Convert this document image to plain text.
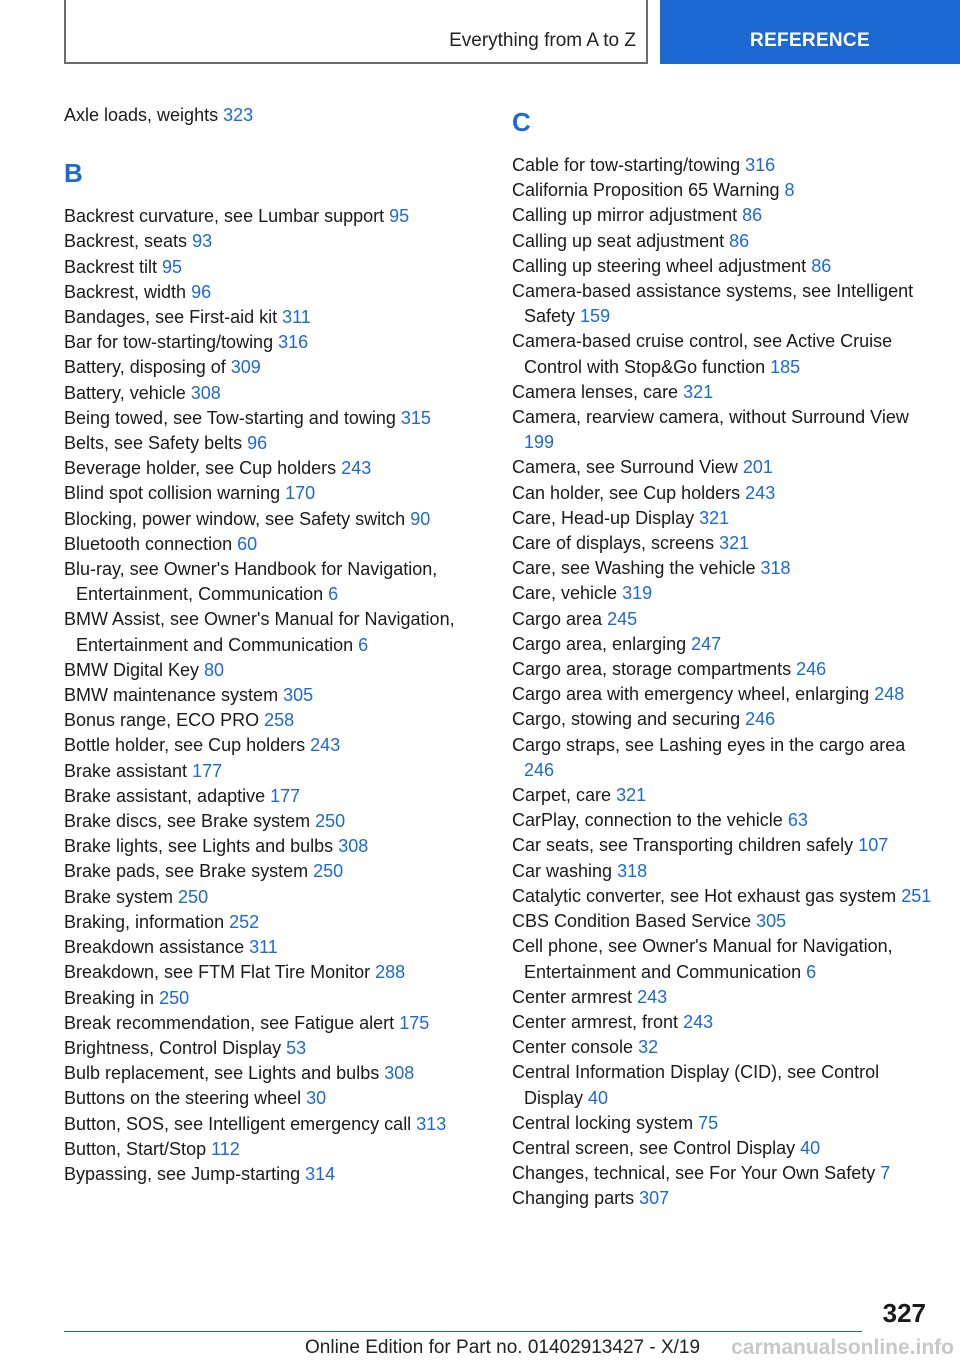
Everything from A to Z	REFERENCE
Axle loads, weights 323
B
Backrest curvature, see Lumbar support 95
Backrest, seats 93
Backrest tilt 95
Backrest, width 96
Bandages, see First-aid kit 311
Bar for tow-starting/towing 316
Battery, disposing of 309
Battery, vehicle 308
Being towed, see Tow-starting and towing 315
Belts, see Safety belts 96
Beverage holder, see Cup holders 243
Blind spot collision warning 170
Blocking, power window, see Safety switch 90
Bluetooth connection 60
Blu-ray, see Owner's Handbook for Navigation, Entertainment, Communication 6
BMW Assist, see Owner's Manual for Navigation, Entertainment and Communication 6
BMW Digital Key 80
BMW maintenance system 305
Bonus range, ECO PRO 258
Bottle holder, see Cup holders 243
Brake assistant 177
Brake assistant, adaptive 177
Brake discs, see Brake system 250
Brake lights, see Lights and bulbs 308
Brake pads, see Brake system 250
Brake system 250
Braking, information 252
Breakdown assistance 311
Breakdown, see FTM Flat Tire Monitor 288
Breaking in 250
Break recommendation, see Fatigue alert 175
Brightness, Control Display 53
Bulb replacement, see Lights and bulbs 308
Buttons on the steering wheel 30
Button, SOS, see Intelligent emergency call 313
Button, Start/Stop 112
Bypassing, see Jump-starting 314
C
Cable for tow-starting/towing 316
California Proposition 65 Warning 8
Calling up mirror adjustment 86
Calling up seat adjustment 86
Calling up steering wheel adjustment 86
Camera-based assistance systems, see Intelligent Safety 159
Camera-based cruise control, see Active Cruise Control with Stop&Go function 185
Camera lenses, care 321
Camera, rearview camera, without Surround View 199
Camera, see Surround View 201
Can holder, see Cup holders 243
Care, Head-up Display 321
Care of displays, screens 321
Care, see Washing the vehicle 318
Care, vehicle 319
Cargo area 245
Cargo area, enlarging 247
Cargo area, storage compartments 246
Cargo area with emergency wheel, enlarging 248
Cargo, stowing and securing 246
Cargo straps, see Lashing eyes in the cargo area 246
Carpet, care 321
CarPlay, connection to the vehicle 63
Car seats, see Transporting children safely 107
Car washing 318
Catalytic converter, see Hot exhaust gas system 251
CBS Condition Based Service 305
Cell phone, see Owner's Manual for Navigation, Entertainment and Communication 6
Center armrest 243
Center armrest, front 243
Center console 32
Central Information Display (CID), see Control Display 40
Central locking system 75
Central screen, see Control Display 40
Changes, technical, see For Your Own Safety 7
Changing parts 307
327
Online Edition for Part no. 01402913427 - X/19 carmanualsonline.info
